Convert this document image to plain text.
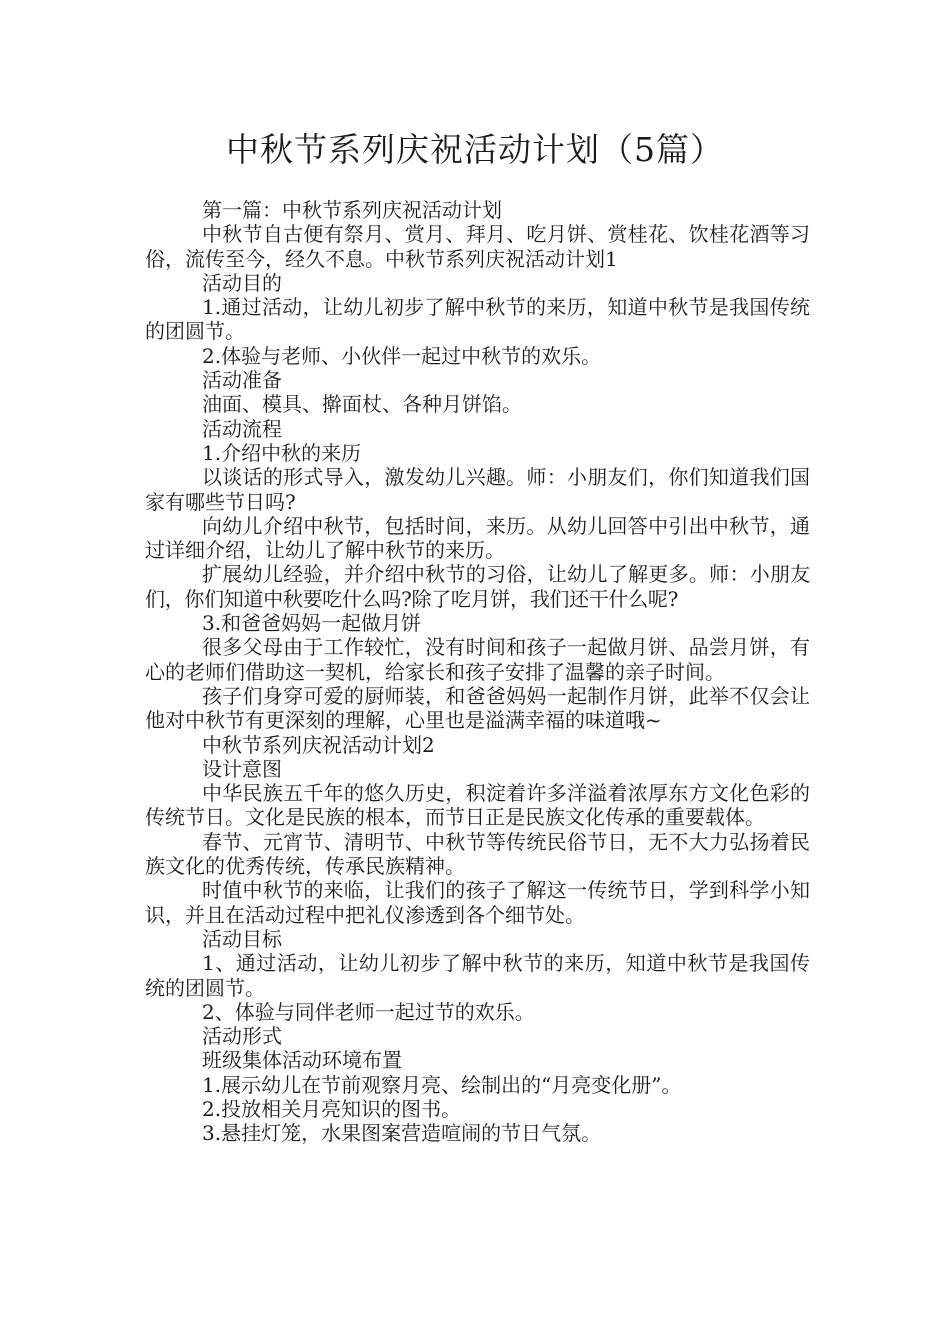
中秋节系列庆祝活动计划（5篇）

第一篇：中秋节系列庆祝活动计划

中秋节自古便有祭月、赏月、拜月、吃月饼、赏桂花、饮桂花酒等习俗，流传至今，经久不息。中秋节系列庆祝活动计划1

活动目的

1.通过活动，让幼儿初步了解中秋节的来历，知道中秋节是我国传统的团圆节。

2.体验与老师、小伙伴一起过中秋节的欢乐。

活动准备

油面、模具、擀面杖、各种月饼馅。

活动流程

1.介绍中秋的来历

以谈话的形式导入，激发幼儿兴趣。师：小朋友们，你们知道我们国家有哪些节日吗?

向幼儿介绍中秋节，包括时间，来历。从幼儿回答中引出中秋节，通过详细介绍，让幼儿了解中秋节的来历。

扩展幼儿经验，并介绍中秋节的习俗，让幼儿了解更多。师：小朋友们，你们知道中秋要吃什么吗?除了吃月饼，我们还干什么呢?

3.和爸爸妈妈一起做月饼

很多父母由于工作较忙，没有时间和孩子一起做月饼、品尝月饼，有心的老师们借助这一契机，给家长和孩子安排了温馨的亲子时间。

孩子们身穿可爱的厨师装，和爸爸妈妈一起制作月饼，此举不仅会让他对中秋节有更深刻的理解，心里也是溢满幸福的味道哦~

中秋节系列庆祝活动计划2

设计意图

中华民族五千年的悠久历史，积淀着许多洋溢着浓厚东方文化色彩的传统节日。文化是民族的根本，而节日正是民族文化传承的重要载体。

春节、元宵节、清明节、中秋节等传统民俗节日，无不大力弘扬着民族文化的优秀传统，传承民族精神。

时值中秋节的来临，让我们的孩子了解这一传统节日，学到科学小知识，并且在活动过程中把礼仪渗透到各个细节处。

活动目标

1、通过活动，让幼儿初步了解中秋节的来历，知道中秋节是我国传统的团圆节。

2、体验与同伴老师一起过节的欢乐。

活动形式

班级集体活动环境布置

1.展示幼儿在节前观察月亮、绘制出的“月亮变化册”。

2.投放相关月亮知识的图书。

3.悬挂灯笼，水果图案营造喧闹的节日气氛。
